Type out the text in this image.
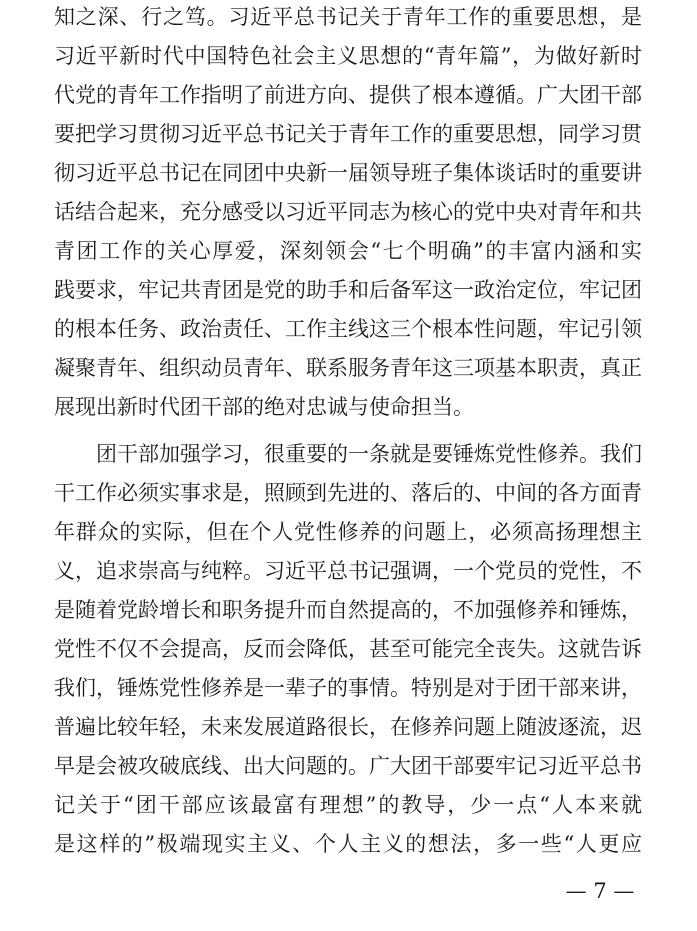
知之深、行之笃。习近平总书记关于青年工作的重要思想，是
习近平新时代中国特色社会主义思想的“青年篇”，为做好新时
代党的青年工作指明了前进方向、提供了根本遵循。广大团干部
要把学习贯彻习近平总书记关于青年工作的重要思想，同学习贯
彻习近平总书记在同团中央新一届领导班子集体谈话时的重要讲
话结合起来，充分感受以习近平同志为核心的党中央对青年和共
青团工作的关心厚爱，深刻领会“七个明确”的丰富内涵和实
践要求，牢记共青团是党的助手和后备军这一政治定位，牢记团
的根本任务、政治责任、工作主线这三个根本性问题，牢记引领
凝聚青年、组织动员青年、联系服务青年这三项基本职责，真正
展现出新时代团干部的绝对忠诚与使命担当。
　　团干部加强学习，很重要的一条就是要锤炼党性修养。我们
干工作必须实事求是，照顾到先进的、落后的、中间的各方面青
年群众的实际，但在个人党性修养的问题上，必须高扬理想主
义，追求崇高与纯粹。习近平总书记强调，一个党员的党性，不
是随着党龄增长和职务提升而自然提高的，不加强修养和锤炼，
党性不仅不会提高，反而会降低，甚至可能完全丧失。这就告诉
我们，锤炼党性修养是一辈子的事情。特别是对于团干部来讲，
普遍比较年轻，未来发展道路很长，在修养问题上随波逐流，迟
早是会被攻破底线、出大问题的。广大团干部要牢记习近平总书
记关于“团干部应该最富有理想”的教导，少一点“人本来就
是这样的”极端现实主义、个人主义的想法，多一些“人更应
— 7 —
